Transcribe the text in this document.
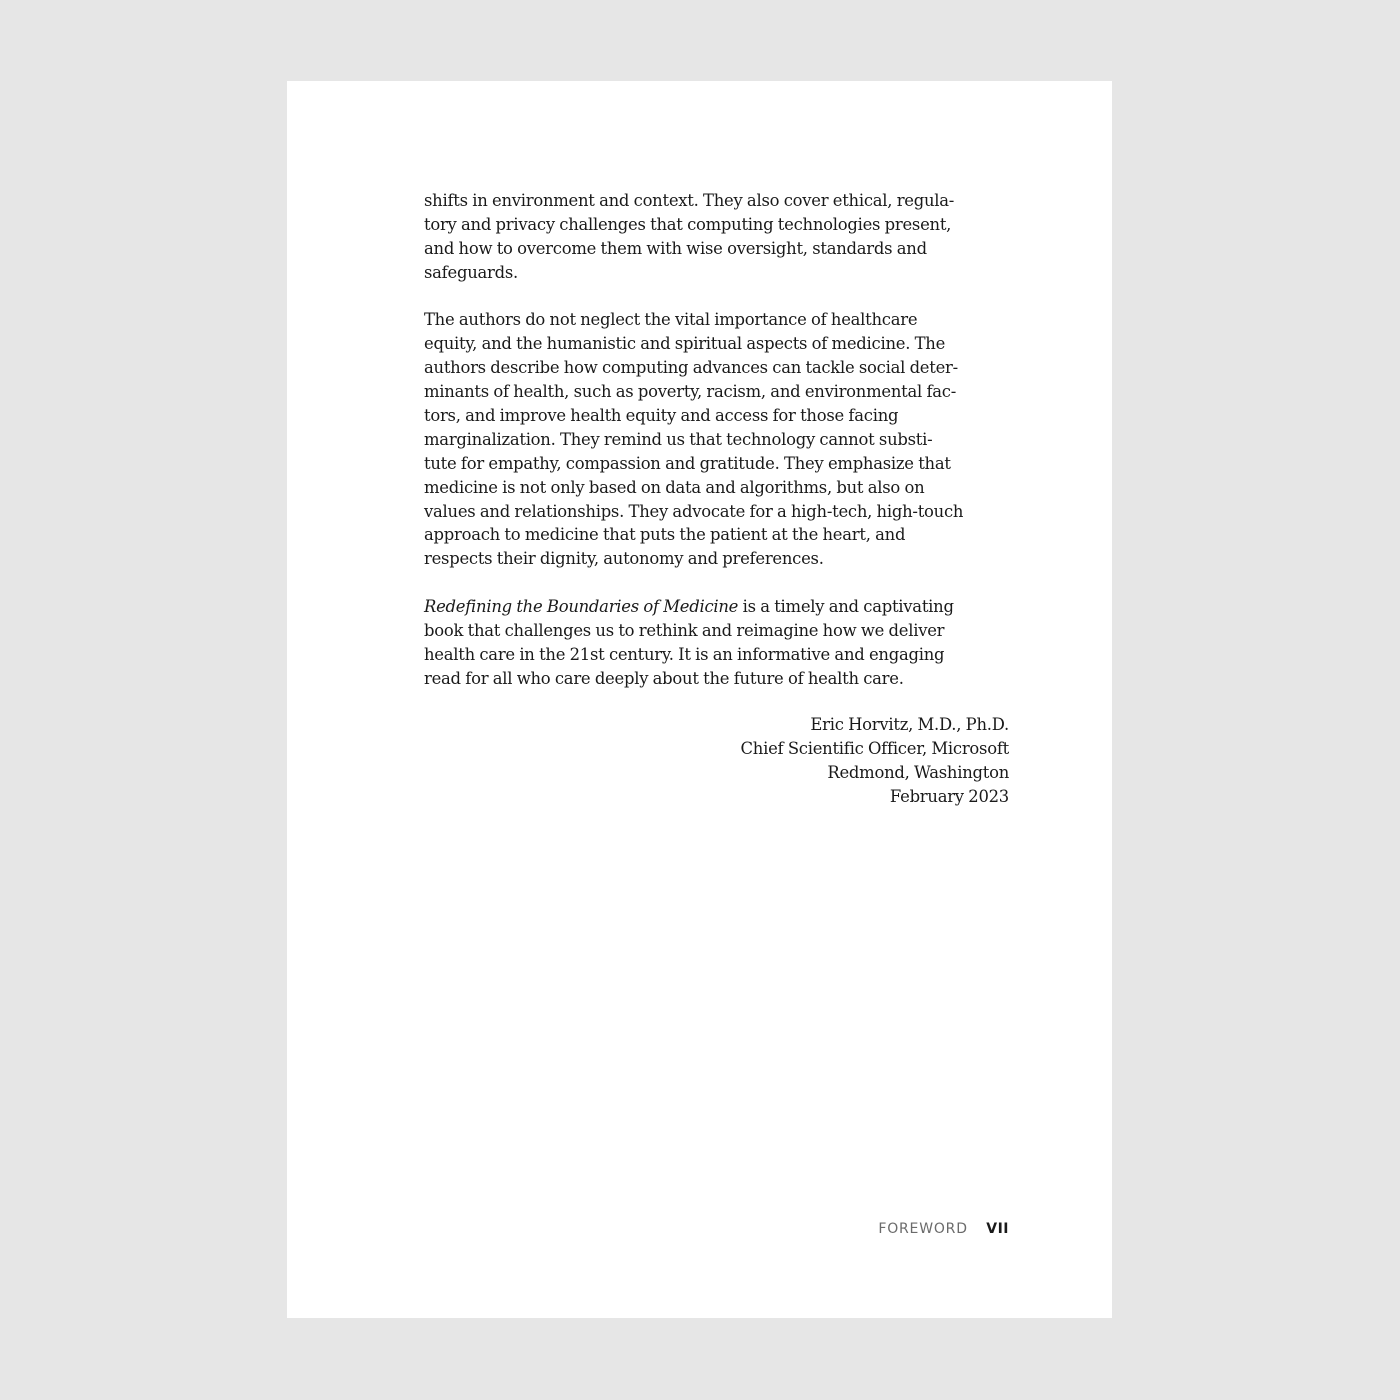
shifts in environment and context. They also cover ethical, regula-
tory and privacy challenges that computing technologies present,
and how to overcome them with wise oversight, standards and
safeguards.
The authors do not neglect the vital importance of healthcare
equity, and the humanistic and spiritual aspects of medicine. The
authors describe how computing advances can tackle social deter-
minants of health, such as poverty, racism, and environmental fac-
tors, and improve health equity and access for those facing
marginalization. They remind us that technology cannot substi-
tute for empathy, compassion and gratitude. They emphasize that
medicine is not only based on data and algorithms, but also on
values and relationships. They advocate for a high-tech, high-touch
approach to medicine that puts the patient at the heart, and
respects their dignity, autonomy and preferences.
Redefining the Boundaries of Medicine is a timely and captivating
book that challenges us to rethink and reimagine how we deliver
health care in the 21st century. It is an informative and engaging
read for all who care deeply about the future of health care.
Eric Horvitz, M.D., Ph.D.
Chief Scientific Officer, Microsoft
Redmond, Washington
February 2023
FOREWORD VII
